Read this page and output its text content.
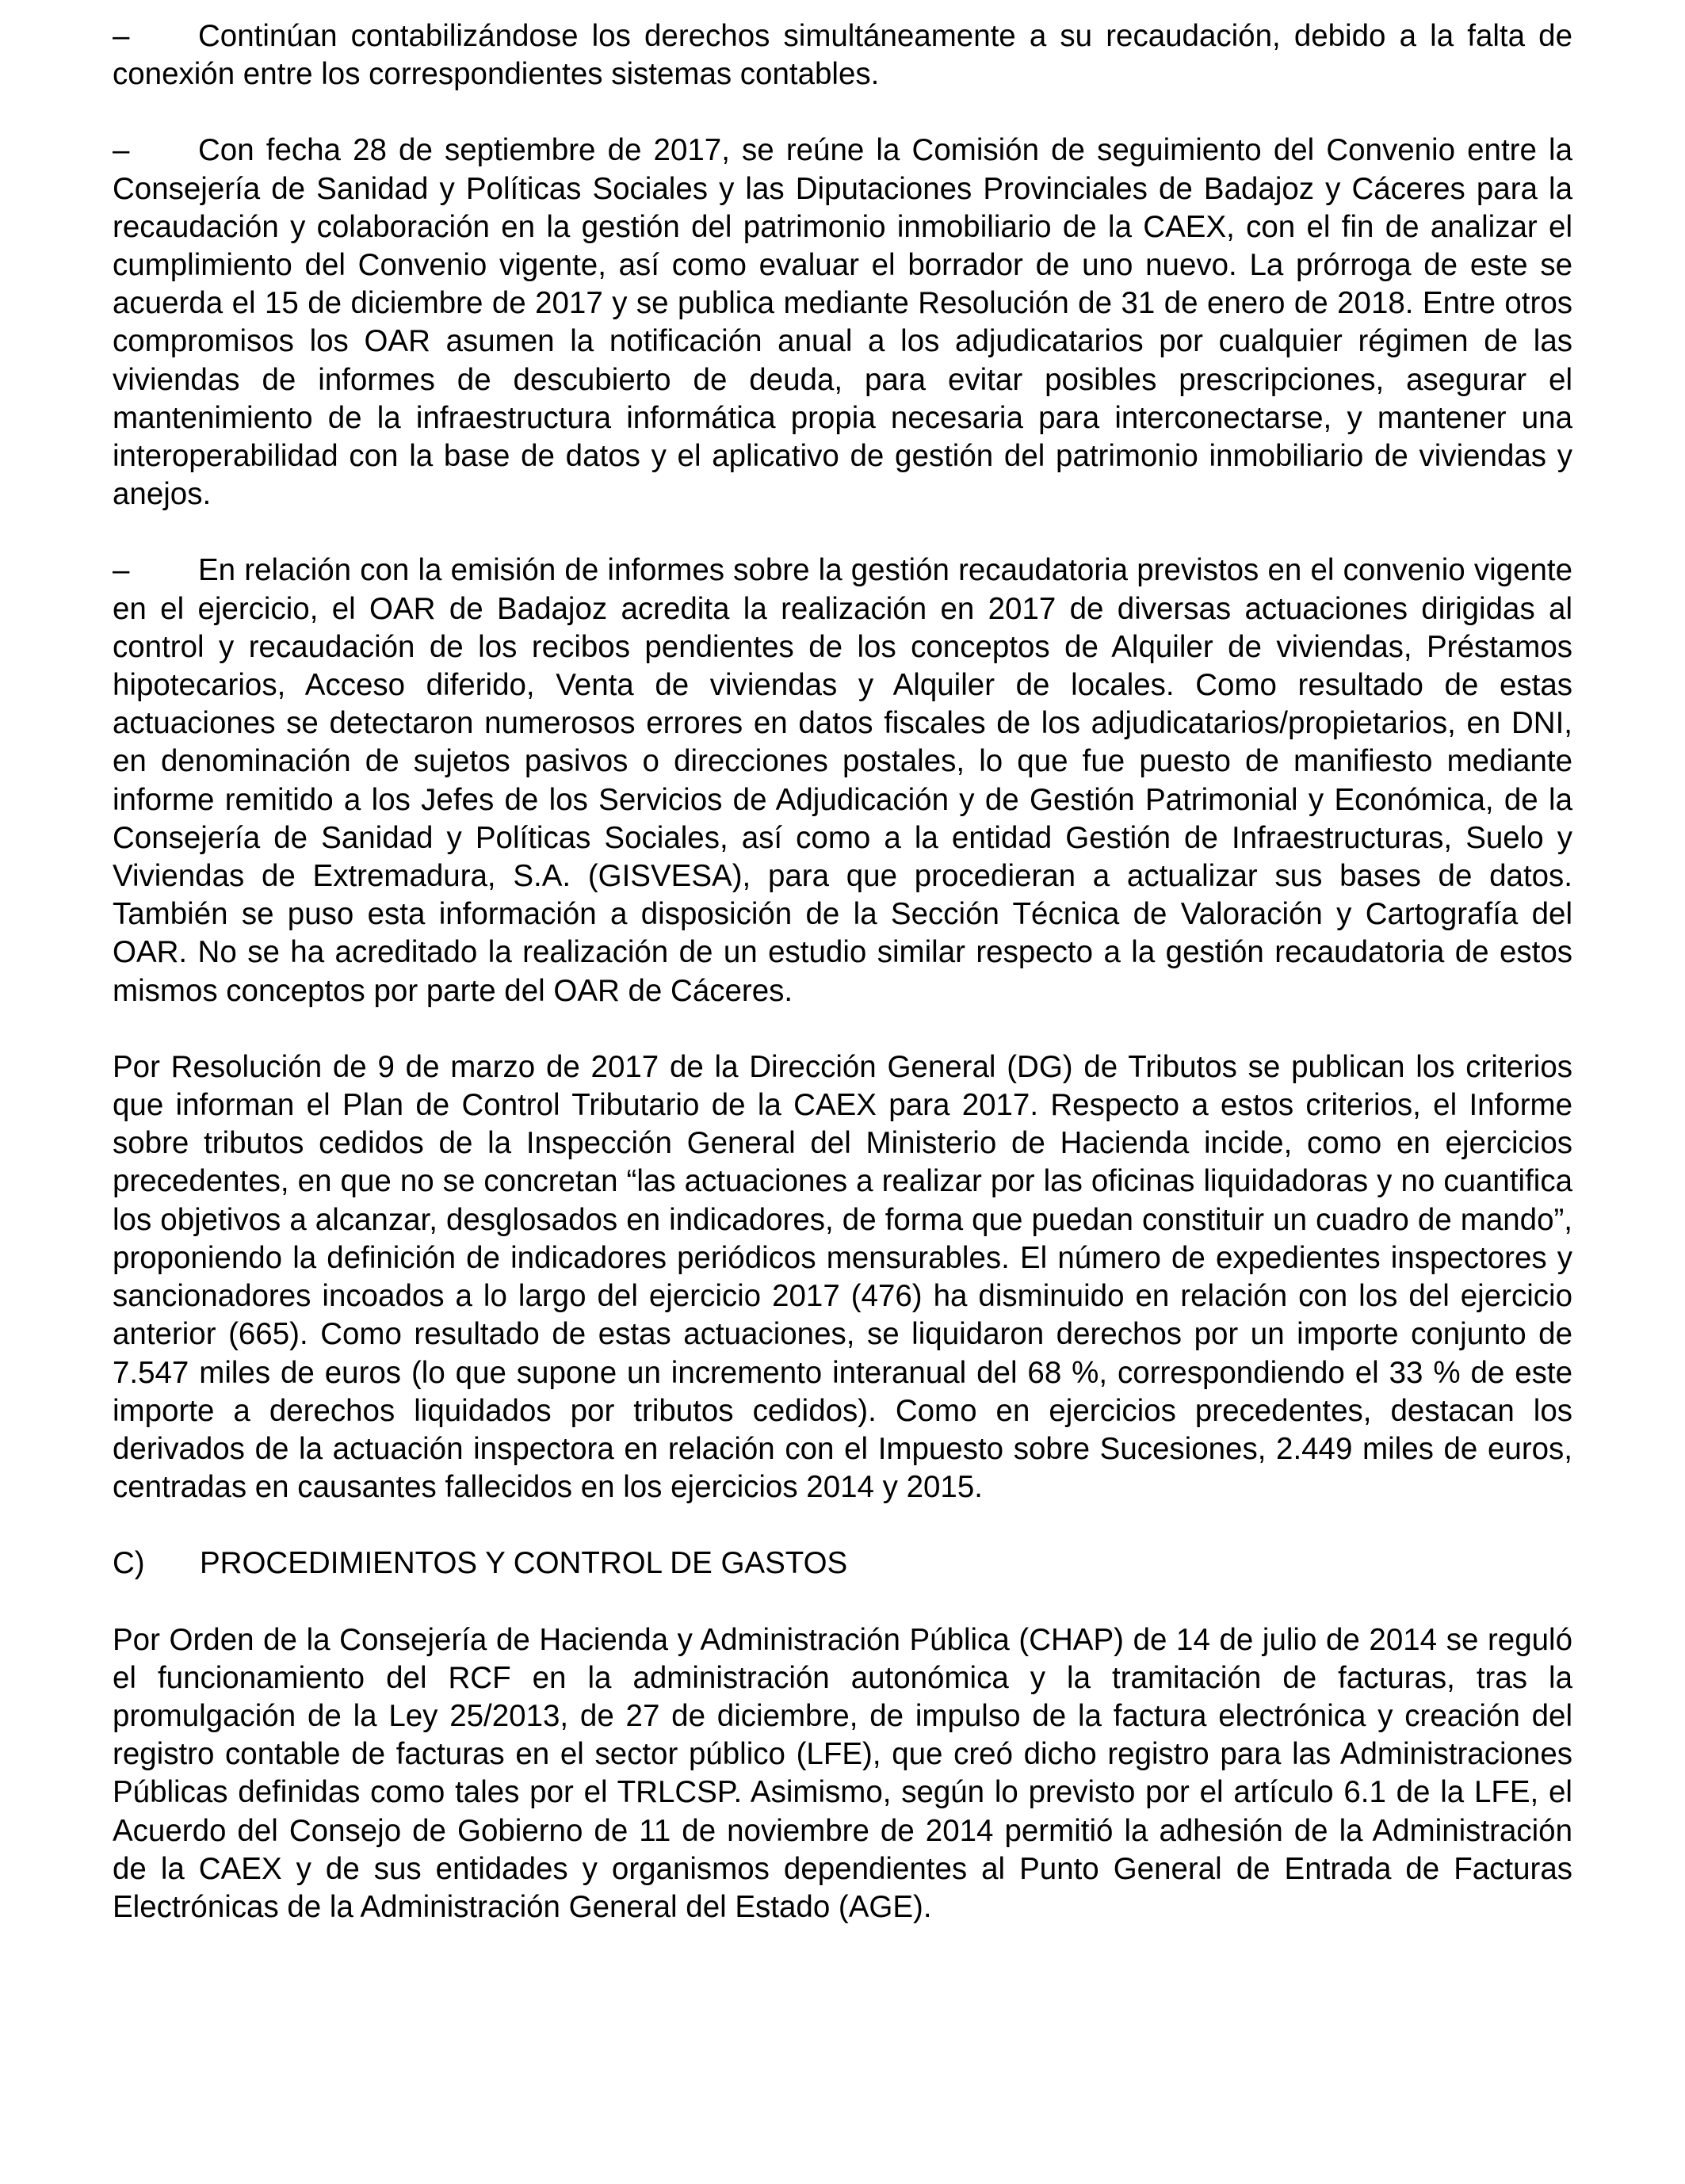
– Continúan contabilizándose los derechos simultáneamente a su recaudación, debido a la falta de conexión entre los correspondientes sistemas contables.

– Con fecha 28 de septiembre de 2017, se reúne la Comisión de seguimiento del Convenio entre la Consejería de Sanidad y Políticas Sociales y las Diputaciones Provinciales de Badajoz y Cáceres para la recaudación y colaboración en la gestión del patrimonio inmobiliario de la CAEX, con el fin de analizar el cumplimiento del Convenio vigente, así como evaluar el borrador de uno nuevo. La prórroga de este se acuerda el 15 de diciembre de 2017 y se publica mediante Resolución de 31 de enero de 2018. Entre otros compromisos los OAR asumen la notificación anual a los adjudicatarios por cualquier régimen de las viviendas de informes de descubierto de deuda, para evitar posibles prescripciones, asegurar el mantenimiento de la infraestructura informática propia necesaria para interconectarse, y mantener una interoperabilidad con la base de datos y el aplicativo de gestión del patrimonio inmobiliario de viviendas y anejos.

– En relación con la emisión de informes sobre la gestión recaudatoria previstos en el convenio vigente en el ejercicio, el OAR de Badajoz acredita la realización en 2017 de diversas actuaciones dirigidas al control y recaudación de los recibos pendientes de los conceptos de Alquiler de viviendas, Préstamos hipotecarios, Acceso diferido, Venta de viviendas y Alquiler de locales. Como resultado de estas actuaciones se detectaron numerosos errores en datos fiscales de los adjudicatarios/propietarios, en DNI, en denominación de sujetos pasivos o direcciones postales, lo que fue puesto de manifiesto mediante informe remitido a los Jefes de los Servicios de Adjudicación y de Gestión Patrimonial y Económica, de la Consejería de Sanidad y Políticas Sociales, así como a la entidad Gestión de Infraestructuras, Suelo y Viviendas de Extremadura, S.A. (GISVESA), para que procedieran a actualizar sus bases de datos. También se puso esta información a disposición de la Sección Técnica de Valoración y Cartografía del OAR. No se ha acreditado la realización de un estudio similar respecto a la gestión recaudatoria de estos mismos conceptos por parte del OAR de Cáceres.

Por Resolución de 9 de marzo de 2017 de la Dirección General (DG) de Tributos se publican los criterios que informan el Plan de Control Tributario de la CAEX para 2017. Respecto a estos criterios, el Informe sobre tributos cedidos de la Inspección General del Ministerio de Hacienda incide, como en ejercicios precedentes, en que no se concretan “las actuaciones a realizar por las oficinas liquidadoras y no cuantifica los objetivos a alcanzar, desglosados en indicadores, de forma que puedan constituir un cuadro de mando”, proponiendo la definición de indicadores periódicos mensurables. El número de expedientes inspectores y sancionadores incoados a lo largo del ejercicio 2017 (476) ha disminuido en relación con los del ejercicio anterior (665). Como resultado de estas actuaciones, se liquidaron derechos por un importe conjunto de 7.547 miles de euros (lo que supone un incremento interanual del 68 %, correspondiendo el 33 % de este importe a derechos liquidados por tributos cedidos). Como en ejercicios precedentes, destacan los derivados de la actuación inspectora en relación con el Impuesto sobre Sucesiones, 2.449 miles de euros, centradas en causantes fallecidos en los ejercicios 2014 y 2015.

C)	PROCEDIMIENTOS Y CONTROL DE GASTOS

Por Orden de la Consejería de Hacienda y Administración Pública (CHAP) de 14 de julio de 2014 se reguló el funcionamiento del RCF en la administración autonómica y la tramitación de facturas, tras la promulgación de la Ley 25/2013, de 27 de diciembre, de impulso de la factura electrónica y creación del registro contable de facturas en el sector público (LFE), que creó dicho registro para las Administraciones Públicas definidas como tales por el TRLCSP. Asimismo, según lo previsto por el artículo 6.1 de la LFE, el Acuerdo del Consejo de Gobierno de 11 de noviembre de 2014 permitió la adhesión de la Administración de la CAEX y de sus entidades y organismos dependientes al Punto General de Entrada de Facturas Electrónicas de la Administración General del Estado (AGE).
